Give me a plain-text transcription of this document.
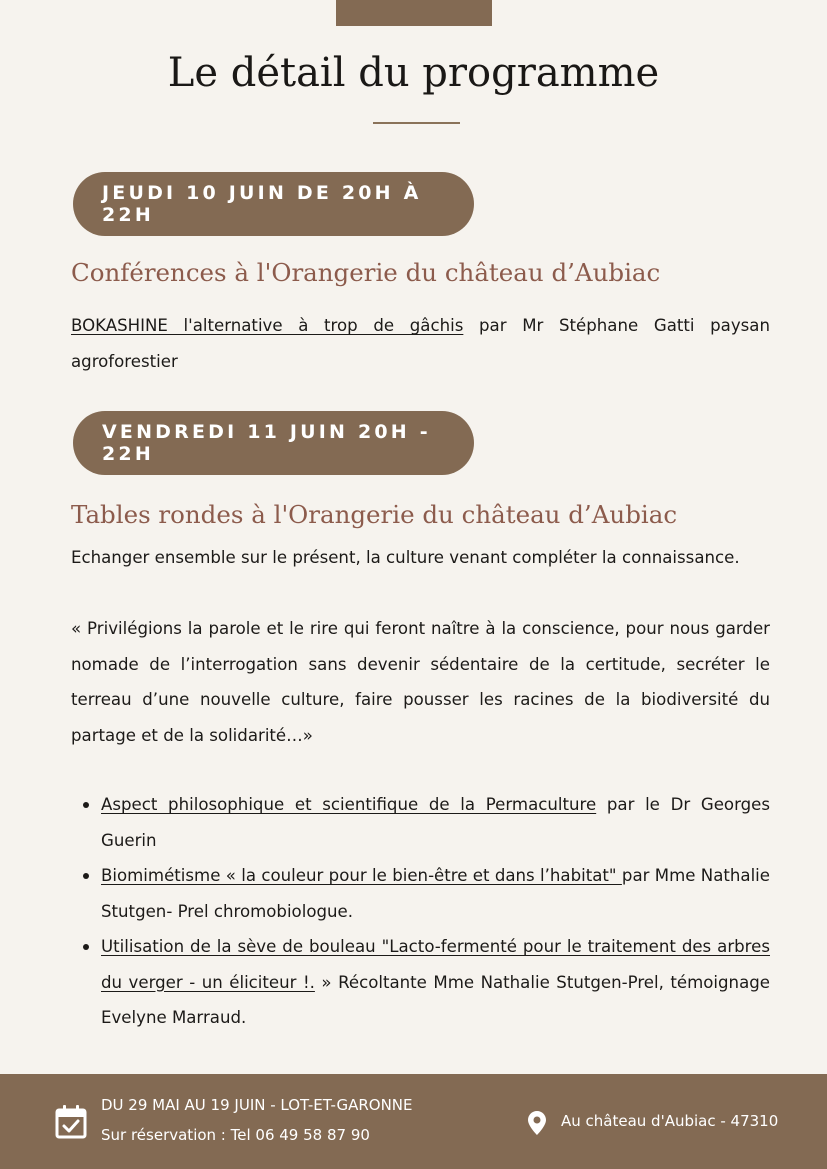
Le détail du programme
JEUDI 10 JUIN DE 20H À 22H
Conférences à l'Orangerie du château d’Aubiac

BOKASHINE l'alternative à trop de gâchis par Mr Stéphane Gatti paysan agroforestier

VENDREDI 11 JUIN 20H - 22H
Tables rondes à l'Orangerie du château d’Aubiac

Echanger ensemble sur le présent, la culture venant compléter la connaissance.

« Privilégions la parole et le rire qui feront naître à la conscience, pour nous garder nomade de l’interrogation sans devenir sédentaire de la certitude, secréter le terreau d’une nouvelle culture, faire pousser les racines de la biodiversité du partage et de la solidarité…»

Aspect philosophique et scientifique de la Permaculture par le Dr Georges Guerin
Biomimétisme « la couleur pour le bien-être et dans l’habitat" par Mme Nathalie Stutgen- Prel chromobiologue.
Utilisation de la sève de bouleau "Lacto-fermenté pour le traitement des arbres du verger - un éliciteur !. » Récoltante Mme Nathalie Stutgen-Prel, témoignage Evelyne Marraud.
DU 29 MAI AU 19 JUIN - LOT-ET-GARONNE
Sur réservation : Tel 06 49 58 87 90
Au château d'Aubiac - 47310
